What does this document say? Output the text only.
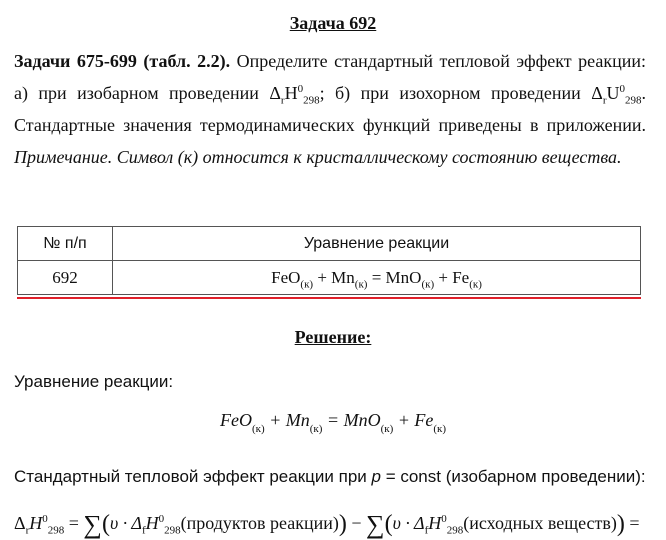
Задача 692
Задачи 675-699 (табл. 2.2). Определите стандартный тепловой эффект реакции: а) при изобарном проведении $\Delta_rH^0_{298}$; б) при изохорном проведении $\Delta_rU^0_{298}$. Стандартные значения термодинамических функций приведены в приложении. Примечание. Символ (к) относится к кристаллическому состоянию вещества.
№ п/п	Уравнение реакции
692	$FeO_{(к)} + Mn_{(к)} = MnO_{(к)} + Fe_{(к)}$
Решение:
Уравнение реакции:
$FeO_{(к)} + Mn_{(к)} = MnO_{(к)} + Fe_{(к)}$
Стандартный тепловой эффект реакции при p = const (изобарном проведении):
$\Delta_rH^0_{298} = \sum(\upsilon$ · $\Delta_fH^0_{298}(продуктов$ реакции)) − $\sum(\upsilon \cdot \Delta_fH^0_{298}(исходных$ веществ)) =
